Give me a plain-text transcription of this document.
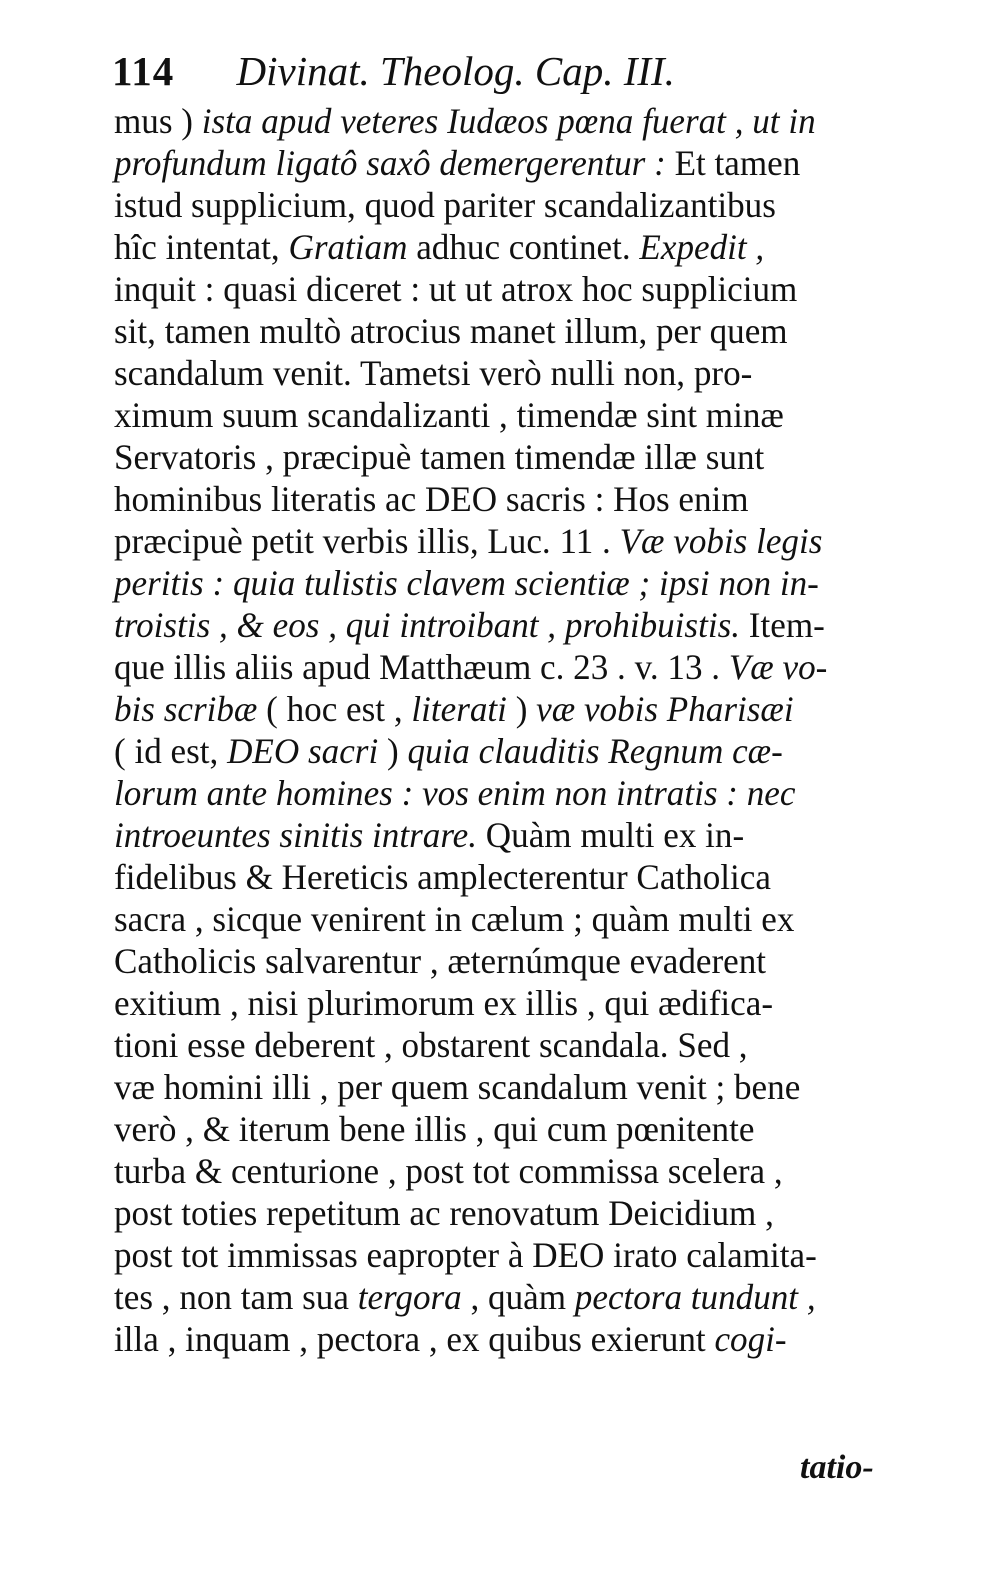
114 Divinat. Theolog. Cap. III.
mus ) ista apud veteres Iudæos pœna fuerat , ut in
profundum ligatô saxô demergerentur : Et tamen
istud supplicium, quod pariter scandalizantibus
hîc intentat, Gratiam adhuc continet. Expedit ,
inquit : quasi diceret : ut ut atrox hoc supplicium
sit, tamen multò atrocius manet illum, per quem
scandalum venit. Tametsi verò nulli non, pro-
ximum suum scandalizanti , timendæ sint minæ
Servatoris , præcipuè tamen timendæ illæ sunt
hominibus literatis ac DEO sacris : Hos enim
præcipuè petit verbis illis, Luc. 11 . Væ vobis legis
peritis : quia tulistis clavem scientiæ ; ipsi non in-
troistis , & eos , qui introibant , prohibuistis. Item-
que illis aliis apud Matthæum c. 23 . v. 13 . Væ vo-
bis scribæ ( hoc est , literati ) væ vobis Pharisæi
( id est, DEO sacri ) quia clauditis Regnum cæ-
lorum ante homines : vos enim non intratis : nec
introeuntes sinitis intrare. Quàm multi ex in-
fidelibus & Hereticis amplecterentur Catholica
sacra , sicque venirent in cælum ; quàm multi ex
Catholicis salvarentur , æternúmque evaderent
exitium , nisi plurimorum ex illis , qui ædifica-
tioni esse deberent , obstarent scandala. Sed ,
væ homini illi , per quem scandalum venit ; bene
verò , & iterum bene illis , qui cum pœnitente
turba & centurione , post tot commissa scelera ,
post toties repetitum ac renovatum Deicidium ,
post tot immissas eapropter à DEO irato calamita-
tes , non tam sua tergora , quàm pectora tundunt ,
illa , inquam , pectora , ex quibus exierunt cogi-
tatio-
